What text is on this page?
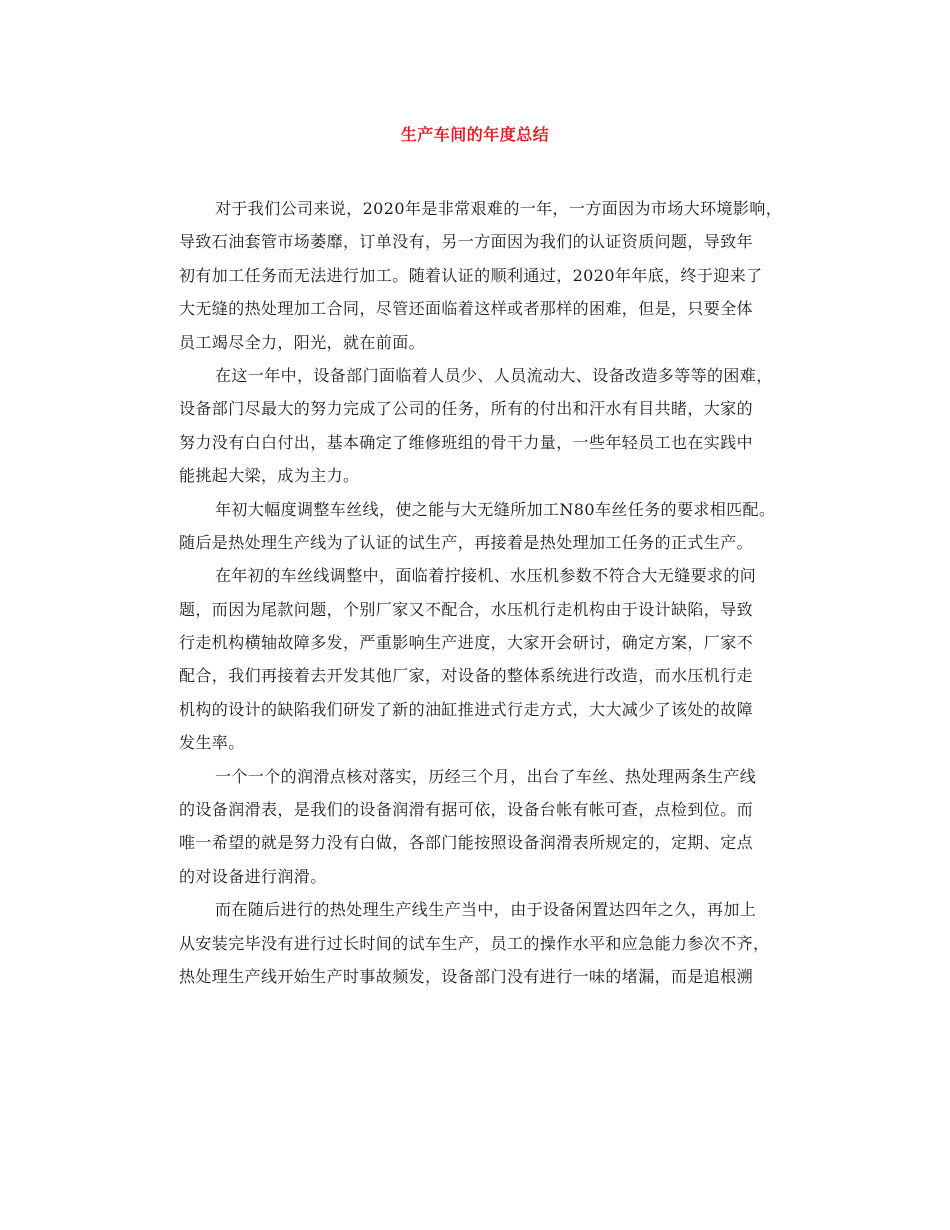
生产车间的年度总结
对于我们公司来说，2020年是非常艰难的一年，一方面因为市场大环境影响，
导致石油套管市场萎靡，订单没有，另一方面因为我们的认证资质问题，导致年
初有加工任务而无法进行加工。随着认证的顺利通过，2020年年底，终于迎来了
大无缝的热处理加工合同，尽管还面临着这样或者那样的困难，但是，只要全体
员工竭尽全力，阳光，就在前面。
在这一年中，设备部门面临着人员少、人员流动大、设备改造多等等的困难，
设备部门尽最大的努力完成了公司的任务，所有的付出和汗水有目共睹，大家的
努力没有白白付出，基本确定了维修班组的骨干力量，一些年轻员工也在实践中
能挑起大梁，成为主力。
年初大幅度调整车丝线，使之能与大无缝所加工N80车丝任务的要求相匹配。
随后是热处理生产线为了认证的试生产，再接着是热处理加工任务的正式生产。
在年初的车丝线调整中，面临着拧接机、水压机参数不符合大无缝要求的问
题，而因为尾款问题，个别厂家又不配合，水压机行走机构由于设计缺陷，导致
行走机构横轴故障多发，严重影响生产进度，大家开会研讨，确定方案，厂家不
配合，我们再接着去开发其他厂家，对设备的整体系统进行改造，而水压机行走
机构的设计的缺陷我们研发了新的油缸推进式行走方式，大大减少了该处的故障
发生率。
一个一个的润滑点核对落实，历经三个月，出台了车丝、热处理两条生产线
的设备润滑表，是我们的设备润滑有据可依，设备台帐有帐可查，点检到位。而
唯一希望的就是努力没有白做，各部门能按照设备润滑表所规定的，定期、定点
的对设备进行润滑。
而在随后进行的热处理生产线生产当中，由于设备闲置达四年之久，再加上
从安装完毕没有进行过长时间的试车生产，员工的操作水平和应急能力参次不齐，
热处理生产线开始生产时事故频发，设备部门没有进行一味的堵漏，而是追根溯
